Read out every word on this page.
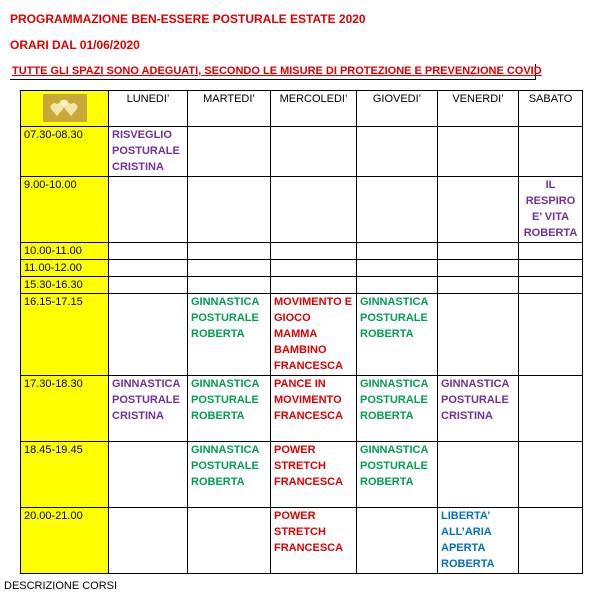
PROGRAMMAZIONE BEN-ESSERE POSTURALE ESTATE 2020
ORARI DAL 01/06/2020
TUTTE GLI SPAZI SONO ADEGUATI, SECONDO LE MISURE DI PROTEZIONE E PREVENZIONE COVID
	LUNEDI’	MARTEDI’	MERCOLEDI’	GIOVEDI’	VENERDI’	SABATO
07.30-08.30	RISVEGLIO POSTURALE CRISTINA					
9.00-10.00						IL RESPIRO E’ VITA ROBERTA
10.00-11.00						
11.00-12.00						
15.30-16.30						
16.15-17.15		GINNASTICA POSTURALE ROBERTA	MOVIMENTO E GIOCO MAMMA BAMBINO FRANCESCA	GINNASTICA POSTURALE ROBERTA		
17.30-18.30	GINNASTICA POSTURALE CRISTINA	GINNASTICA POSTURALE ROBERTA	PANCE IN MOVIMENTO FRANCESCA	GINNASTICA POSTURALE ROBERTA	GINNASTICA POSTURALE CRISTINA	
18.45-19.45		GINNASTICA POSTURALE ROBERTA	POWER STRETCH FRANCESCA	GINNASTICA POSTURALE ROBERTA		
20.00-21.00			POWER STRETCH FRANCESCA		LIBERTA’ ALL’ARIA APERTA ROBERTA	
DESCRIZIONE CORSI
